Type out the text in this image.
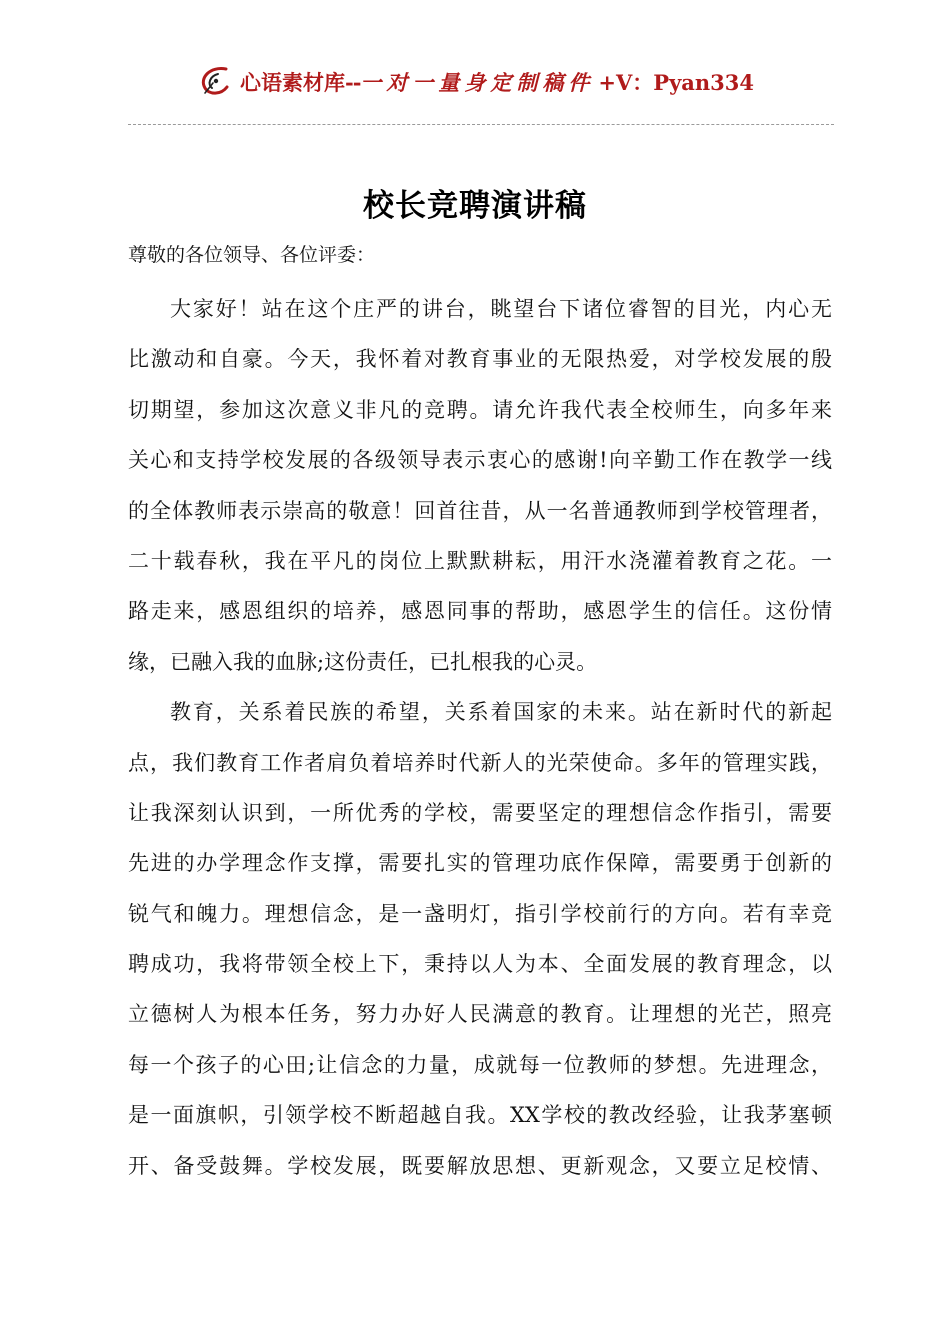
心语素材库 -- 一对一量身定制稿件 +V：Pyan334
校长竞聘演讲稿
尊敬的各位领导、各位评委：
大家好！站在这个庄严的讲台，眺望台下诸位睿智的目光，内心无
比激动和自豪。今天，我怀着对教育事业的无限热爱，对学校发展的殷
切期望，参加这次意义非凡的竞聘。请允许我代表全校师生，向多年来
关心和支持学校发展的各级领导表示衷心的感谢!向辛勤工作在教学一线
的全体教师表示崇高的敬意！回首往昔，从一名普通教师到学校管理者，
二十载春秋，我在平凡的岗位上默默耕耘，用汗水浇灌着教育之花。一
路走来，感恩组织的培养，感恩同事的帮助，感恩学生的信任。这份情
缘，已融入我的血脉;这份责任，已扎根我的心灵。
教育，关系着民族的希望，关系着国家的未来。站在新时代的新起
点，我们教育工作者肩负着培养时代新人的光荣使命。多年的管理实践，
让我深刻认识到，一所优秀的学校，需要坚定的理想信念作指引，需要
先进的办学理念作支撑，需要扎实的管理功底作保障，需要勇于创新的
锐气和魄力。理想信念，是一盏明灯，指引学校前行的方向。若有幸竞
聘成功，我将带领全校上下，秉持以人为本、全面发展的教育理念，以
立德树人为根本任务，努力办好人民满意的教育。让理想的光芒，照亮
每一个孩子的心田;让信念的力量，成就每一位教师的梦想。先进理念，
是一面旗帜，引领学校不断超越自我。XX学校的教改经验，让我茅塞顿
开、备受鼓舞。学校发展，既要解放思想、更新观念，又要立足校情、
